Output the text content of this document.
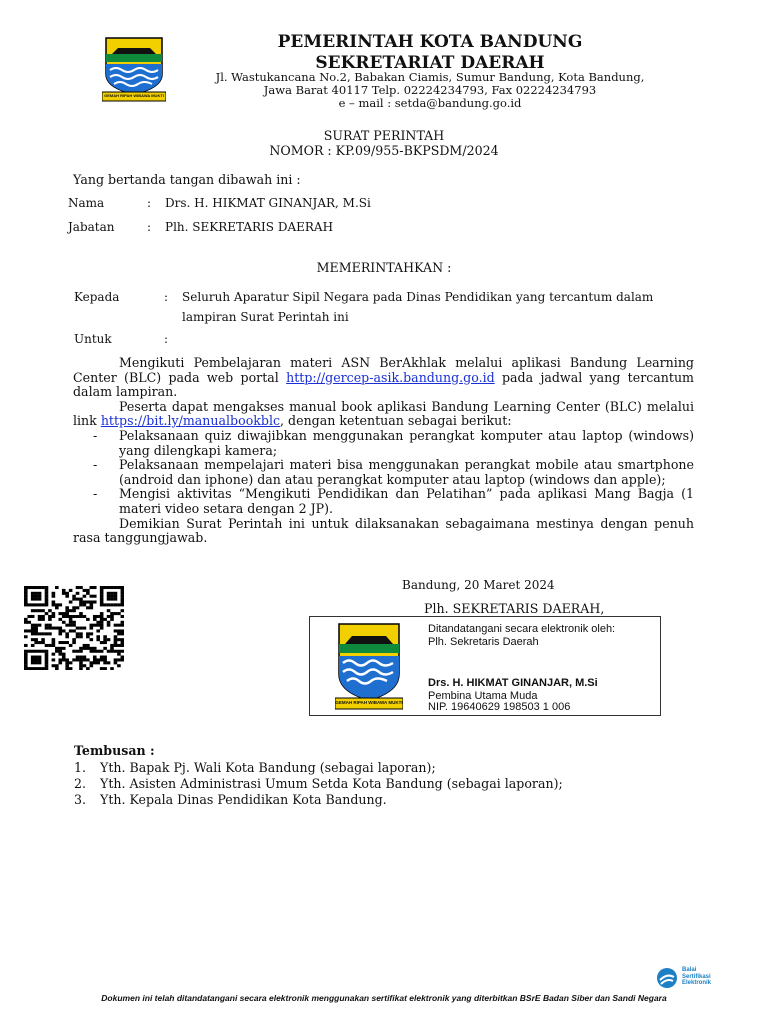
GEMAH RIPAH WIBAWA MUKTI
PEMERINTAH KOTA BANDUNG
SEKRETARIAT DAERAH
Jl. Wastukancana No.2, Babakan Ciamis, Sumur Bandung, Kota Bandung,
Jawa Barat 40117 Telp. 02224234793, Fax 02224234793
e – mail : setda@bandung.go.id
SURAT PERINTAH
NOMOR : KP.09/955-BKPSDM/2024
Yang bertanda tangan dibawah ini :
Nama	: Drs. H. HIKMAT GINANJAR, M.Si
Jabatan	: Plh. SEKRETARIS DAERAH
MEMERINTAHKAN :
Kepada	: Seluruh Aparatur Sipil Negara pada Dinas Pendidikan yang tercantum dalam
lampiran Surat Perintah ini
Untuk	:
Mengikuti Pembelajaran materi ASN BerAkhlak melalui aplikasi Bandung Learning Center (BLC) pada web portal http://gercep-asik.bandung.go.id pada jadwal yang tercantum dalam lampiran.
Peserta dapat mengakses manual book aplikasi Bandung Learning Center (BLC) melalui link https://bit.ly/manualbookblc, dengan ketentuan sebagai berikut:
- Pelaksanaan quiz diwajibkan menggunakan perangkat komputer atau laptop (windows) yang dilengkapi kamera;
- Pelaksanaan mempelajari materi bisa menggunakan perangkat mobile atau smartphone (android dan iphone) dan atau perangkat komputer atau laptop (windows dan apple);
- Mengisi aktivitas “Mengikuti Pendidikan dan Pelatihan” pada aplikasi Mang Bagja (1 materi video setara dengan 2 JP).
Demikian Surat Perintah ini untuk dilaksanakan sebagaimana mestinya dengan penuh rasa tanggungjawab.
Bandung, 20 Maret 2024
Plh. SEKRETARIS DAERAH,
GEMAH RIPAH WIBAWA MUKTI
Ditandatangani secara elektronik oleh:
Plh. Sekretaris Daerah
Drs. H. HIKMAT GINANJAR, M.Si
Pembina Utama Muda
NIP. 19640629 198503 1 006
Tembusan :
1. Yth. Bapak Pj. Wali Kota Bandung (sebagai laporan);
2. Yth. Asisten Administrasi Umum Setda Kota Bandung (sebagai laporan);
3. Yth. Kepala Dinas Pendidikan Kota Bandung.
Balai Sertifikasi Elektronik
Dokumen ini telah ditandatangani secara elektronik menggunakan sertifikat elektronik yang diterbitkan BSrE Badan Siber dan Sandi Negara
